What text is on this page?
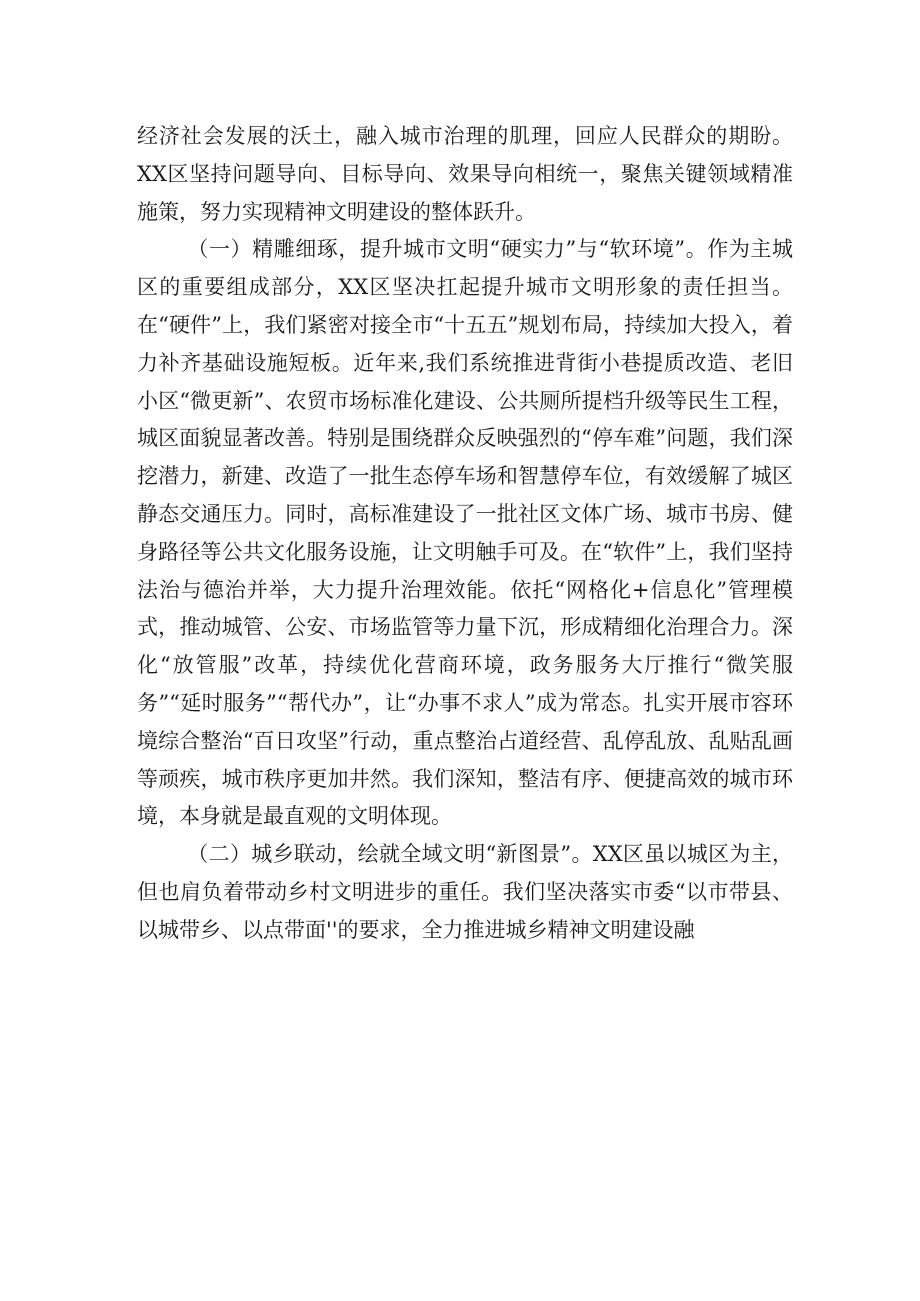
经济社会发展的沃土，融入城市治理的肌理，回应人民群众的期盼。XX区坚持问题导向、目标导向、效果导向相统一，聚焦关键领域精准施策，努力实现精神文明建设的整体跃升。

（一）精雕细琢，提升城市文明“硬实力”与“软环境”。作为主城区的重要组成部分，XX区坚决扛起提升城市文明形象的责任担当。在“硬件”上，我们紧密对接全市“十五五”规划布局，持续加大投入，着力补齐基础设施短板。近年来,我们系统推进背街小巷提质改造、老旧小区“微更新”、农贸市场标准化建设、公共厕所提档升级等民生工程，城区面貌显著改善。特别是围绕群众反映强烈的“停车难”问题，我们深挖潜力，新建、改造了一批生态停车场和智慧停车位，有效缓解了城区静态交通压力。同时，高标准建设了一批社区文体广场、城市书房、健身路径等公共文化服务设施，让文明触手可及。在“软件”上，我们坚持法治与德治并举，大力提升治理效能。依托“网格化+信息化”管理模式，推动城管、公安、市场监管等力量下沉，形成精细化治理合力。深化“放管服”改革，持续优化营商环境，政务服务大厅推行“微笑服务”“延时服务”“帮代办”，让“办事不求人”成为常态。扎实开展市容环境综合整治“百日攻坚”行动，重点整治占道经营、乱停乱放、乱贴乱画等顽疾，城市秩序更加井然。我们深知，整洁有序、便捷高效的城市环境，本身就是最直观的文明体现。

（二）城乡联动，绘就全域文明“新图景”。XX区虽以城区为主，但也肩负着带动乡村文明进步的重任。我们坚决落实市委“以市带县、以城带乡、以点带面''的要求，全力推进城乡精神文明建设融
